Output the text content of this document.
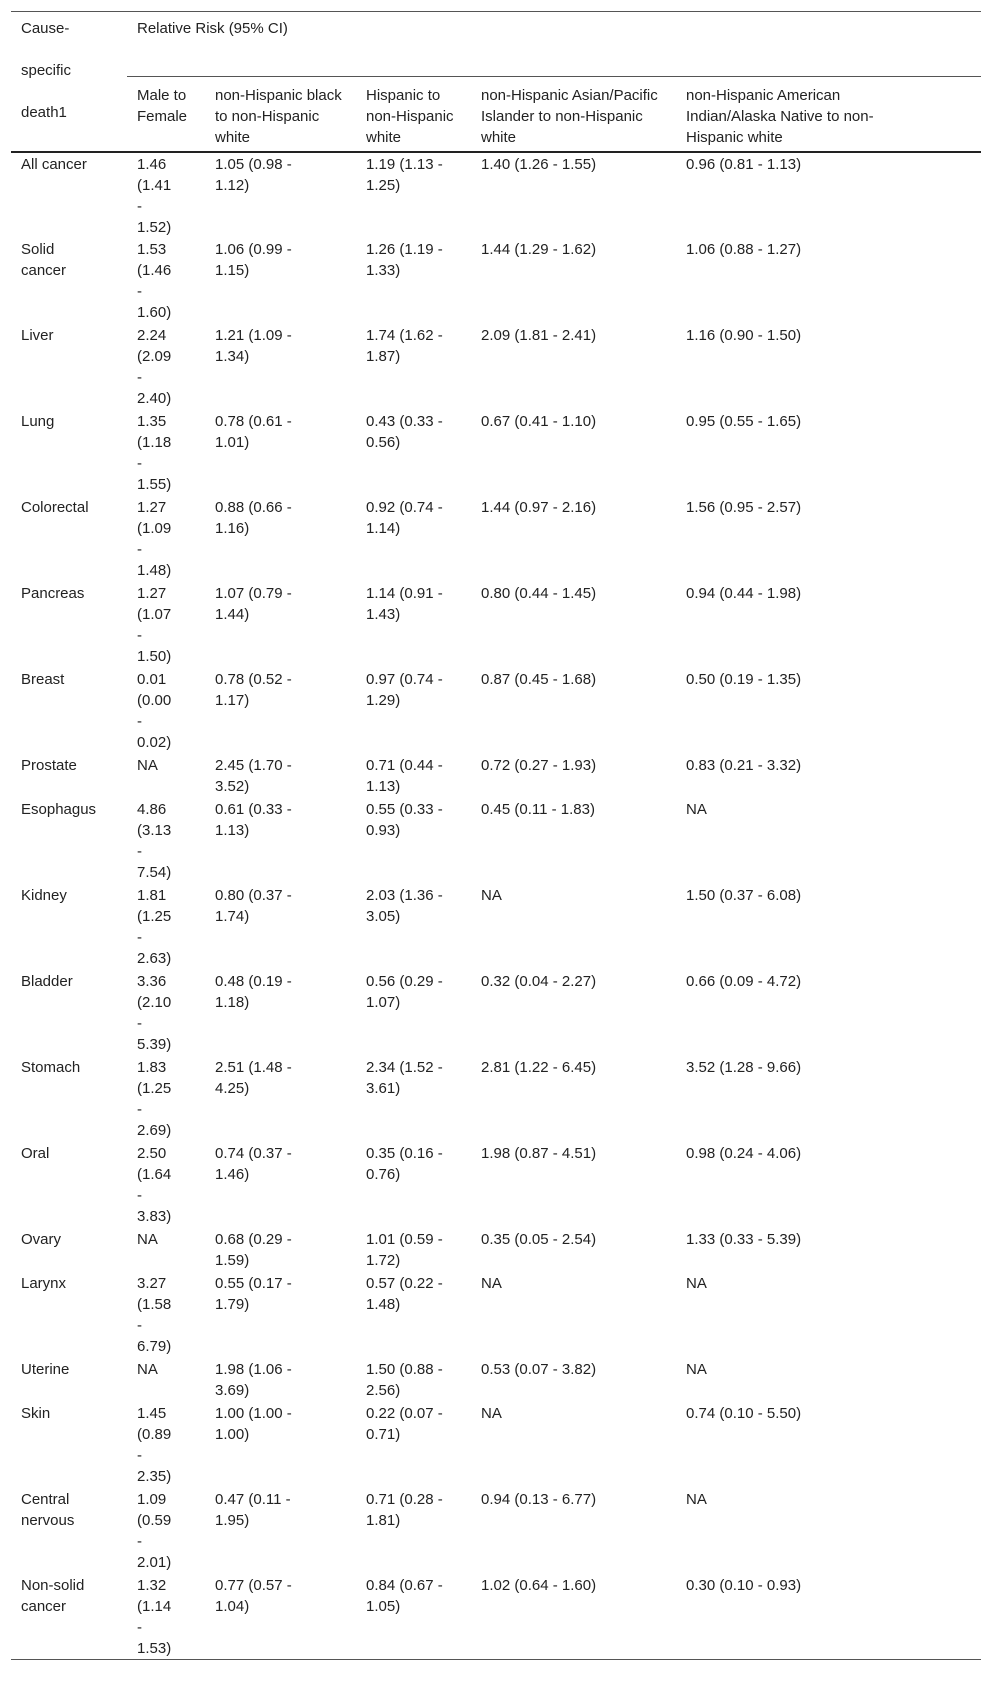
Cause-

specific

death1	Relative Risk (95% CI)				
	Male to
Female	non-Hispanic black
to non-Hispanic
white	Hispanic to
non-Hispanic
white	non-Hispanic Asian/Pacific
Islander to non-Hispanic
white	non-Hispanic American
Indian/Alaska Native to non-
Hispanic white
All cancer	1.46
(1.41
-
1.52)	1.05 (0.98 -
1.12)	1.19 (1.13 -
1.25)	1.40 (1.26 - 1.55)	0.96 (0.81 - 1.13)
Solid
cancer	1.53
(1.46
-
1.60)	1.06 (0.99 -
1.15)	1.26 (1.19 -
1.33)	1.44 (1.29 - 1.62)	1.06 (0.88 - 1.27)
Liver	2.24
(2.09
-
2.40)	1.21 (1.09 -
1.34)	1.74 (1.62 -
1.87)	2.09 (1.81 - 2.41)	1.16 (0.90 - 1.50)
Lung	1.35
(1.18
-
1.55)	0.78 (0.61 -
1.01)	0.43 (0.33 -
0.56)	0.67 (0.41 - 1.10)	0.95 (0.55 - 1.65)
Colorectal	1.27
(1.09
-
1.48)	0.88 (0.66 -
1.16)	0.92 (0.74 -
1.14)	1.44 (0.97 - 2.16)	1.56 (0.95 - 2.57)
Pancreas	1.27
(1.07
-
1.50)	1.07 (0.79 -
1.44)	1.14 (0.91 -
1.43)	0.80 (0.44 - 1.45)	0.94 (0.44 - 1.98)
Breast	0.01
(0.00
-
0.02)	0.78 (0.52 -
1.17)	0.97 (0.74 -
1.29)	0.87 (0.45 - 1.68)	0.50 (0.19 - 1.35)
Prostate	NA	2.45 (1.70 -
3.52)	0.71 (0.44 -
1.13)	0.72 (0.27 - 1.93)	0.83 (0.21 - 3.32)
Esophagus	4.86
(3.13
-
7.54)	0.61 (0.33 -
1.13)	0.55 (0.33 -
0.93)	0.45 (0.11 - 1.83)	NA
Kidney	1.81
(1.25
-
2.63)	0.80 (0.37 -
1.74)	2.03 (1.36 -
3.05)	NA	1.50 (0.37 - 6.08)
Bladder	3.36
(2.10
-
5.39)	0.48 (0.19 -
1.18)	0.56 (0.29 -
1.07)	0.32 (0.04 - 2.27)	0.66 (0.09 - 4.72)
Stomach	1.83
(1.25
-
2.69)	2.51 (1.48 -
4.25)	2.34 (1.52 -
3.61)	2.81 (1.22 - 6.45)	3.52 (1.28 - 9.66)
Oral	2.50
(1.64
-
3.83)	0.74 (0.37 -
1.46)	0.35 (0.16 -
0.76)	1.98 (0.87 - 4.51)	0.98 (0.24 - 4.06)
Ovary	NA	0.68 (0.29 -
1.59)	1.01 (0.59 -
1.72)	0.35 (0.05 - 2.54)	1.33 (0.33 - 5.39)
Larynx	3.27
(1.58
-
6.79)	0.55 (0.17 -
1.79)	0.57 (0.22 -
1.48)	NA	NA
Uterine	NA	1.98 (1.06 -
3.69)	1.50 (0.88 -
2.56)	0.53 (0.07 - 3.82)	NA
Skin	1.45
(0.89
-
2.35)	1.00 (1.00 -
1.00)	0.22 (0.07 -
0.71)	NA	0.74 (0.10 - 5.50)
Central
nervous	1.09
(0.59
-
2.01)	0.47 (0.11 -
1.95)	0.71 (0.28 -
1.81)	0.94 (0.13 - 6.77)	NA
Non-solid
cancer	1.32
(1.14
-
1.53)	0.77 (0.57 -
1.04)	0.84 (0.67 -
1.05)	1.02 (0.64 - 1.60)	0.30 (0.10 - 0.93)
